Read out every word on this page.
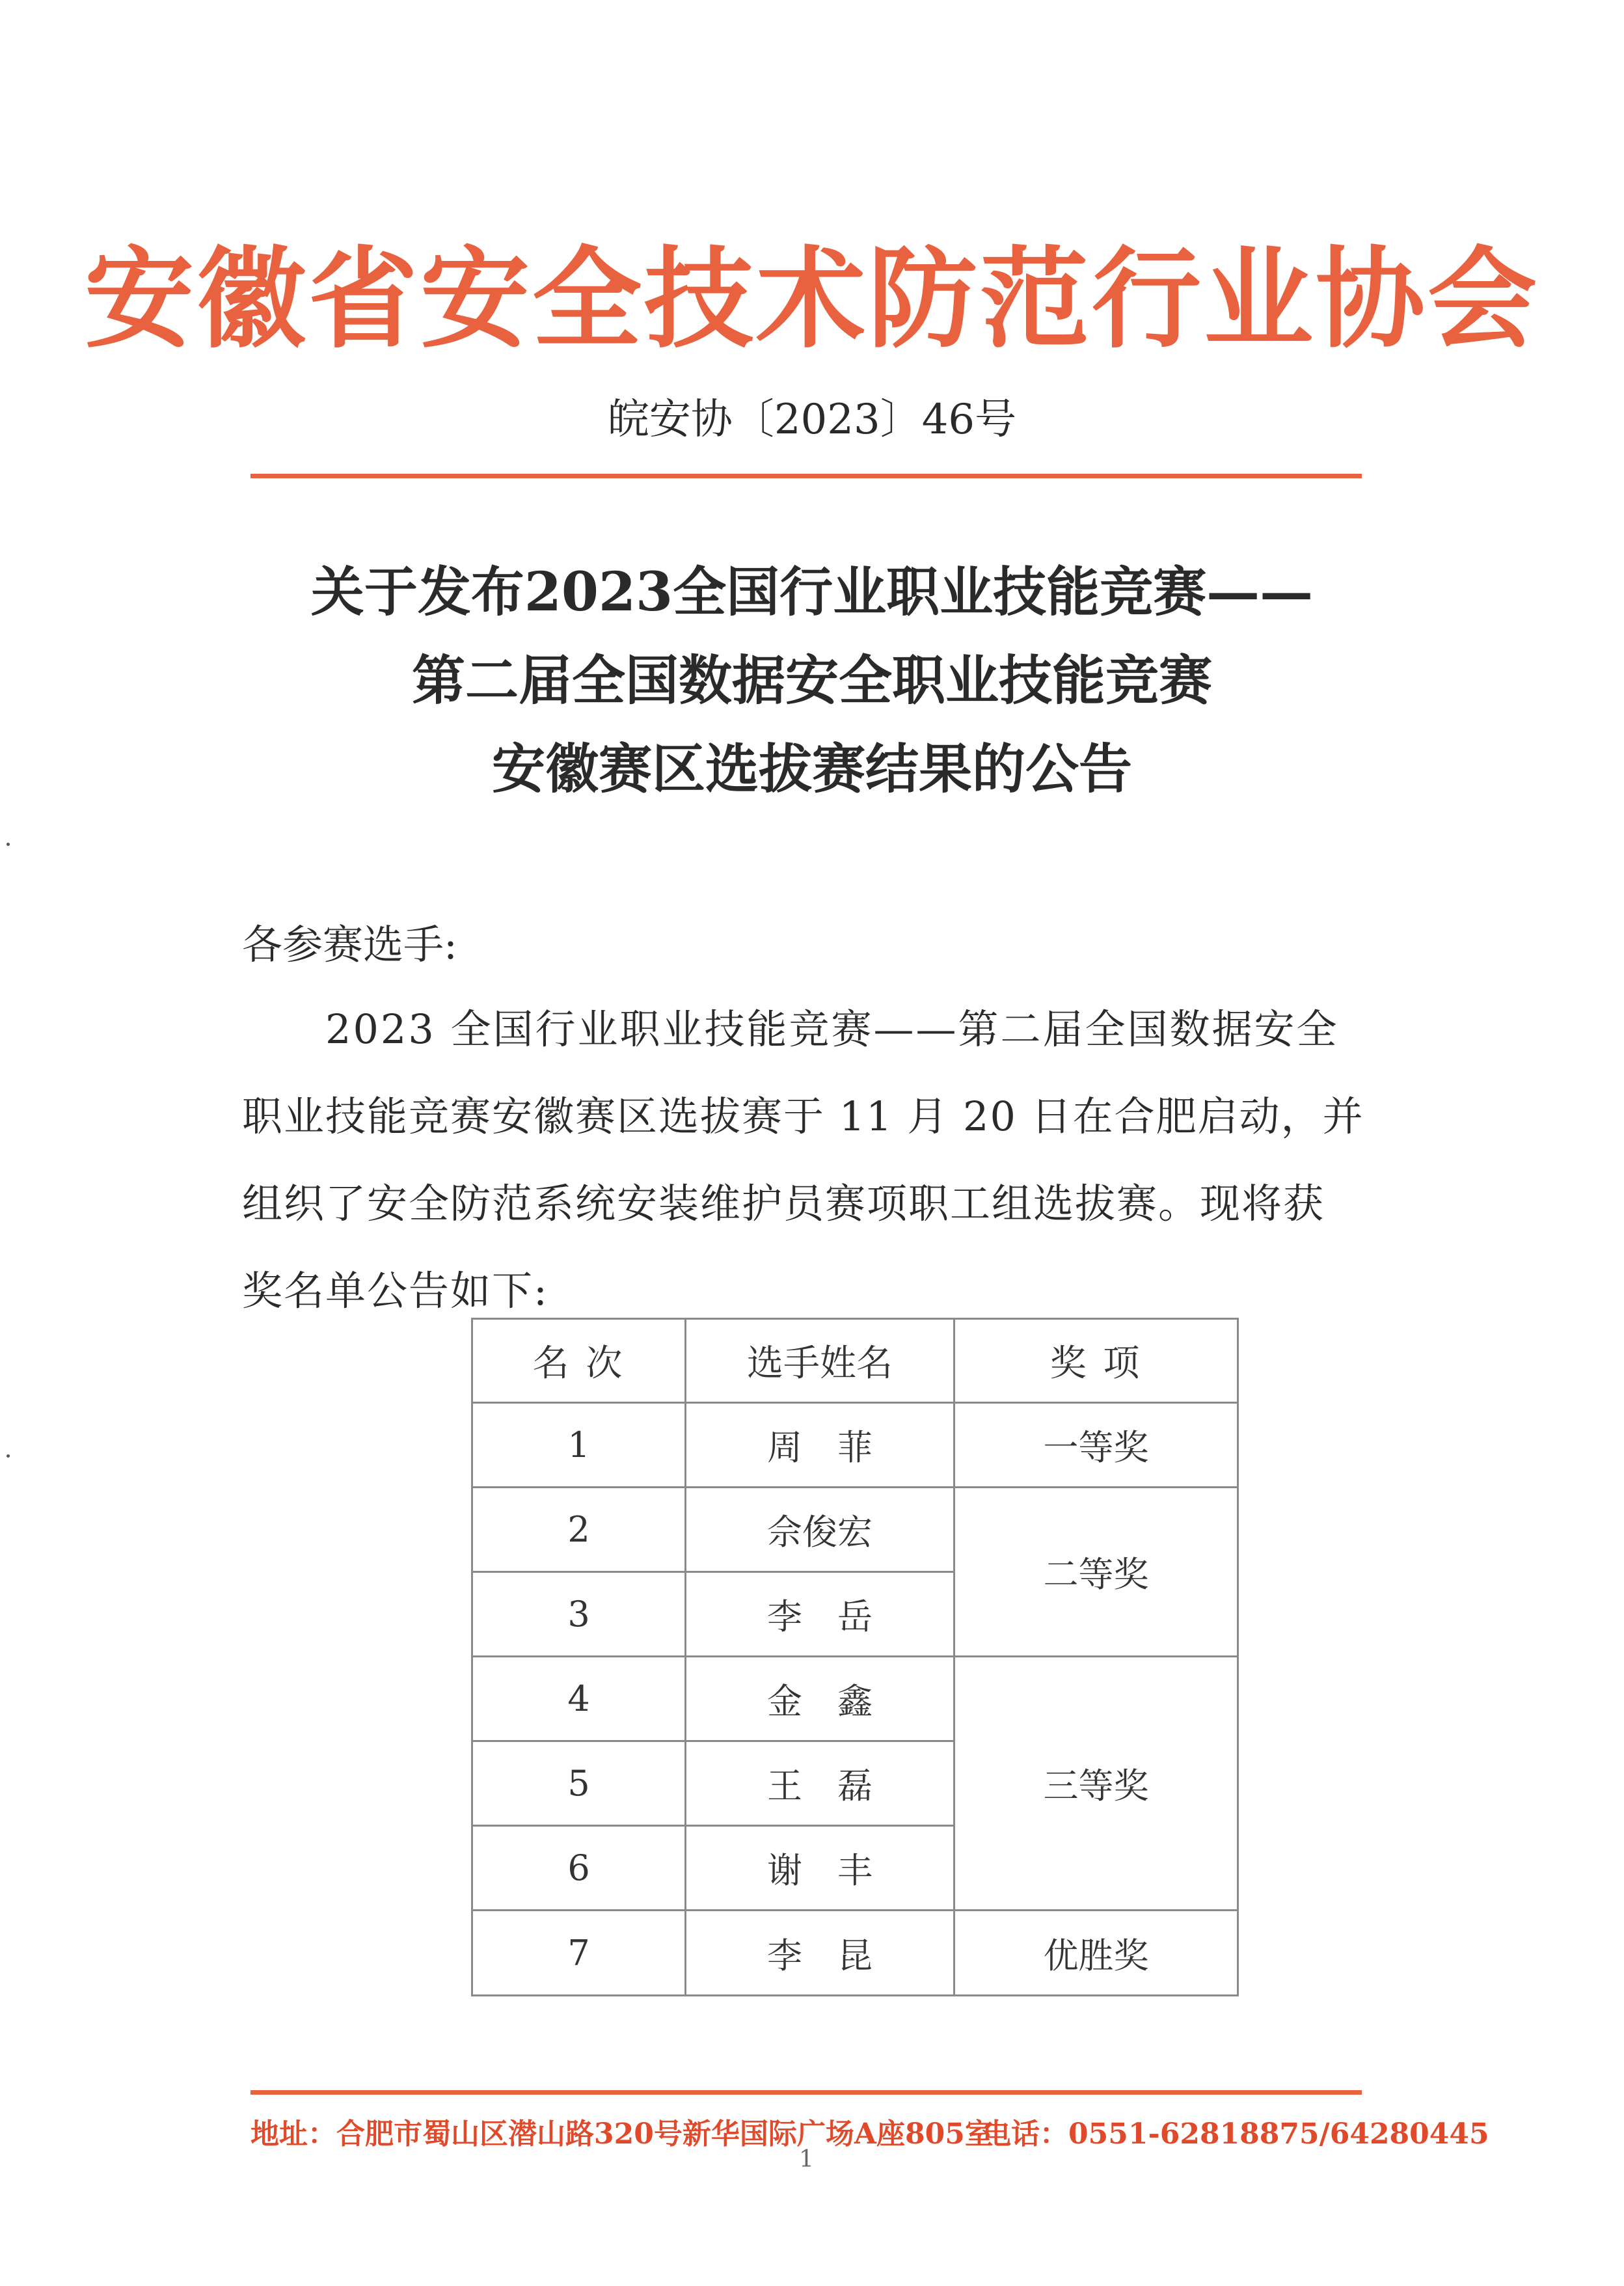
安徽省安全技术防范行业协会
皖安协〔2023〕46号
关于发布2023全国行业职业技能竞赛——
第二届全国数据安全职业技能竞赛
安徽赛区选拔赛结果的公告
各参赛选手:
2023 全国行业职业技能竞赛——第二届全国数据安全
职业技能竞赛安徽赛区选拔赛于 11 月 20 日在合肥启动，并
组织了安全防范系统安装维护员赛项职工组选拔赛。现将获
奖名单公告如下:
名 次	选手姓名	奖 项
1
2
3
4
5
6
7
周　菲
佘俊宏
李　岳
金　鑫
王　磊
谢　丰
李　昆
一等奖
二等奖
三等奖
优胜奖
地址：合肥市蜀山区潜山路320号新华国际广场A座805室
电话：0551-62818875/64280445
1
